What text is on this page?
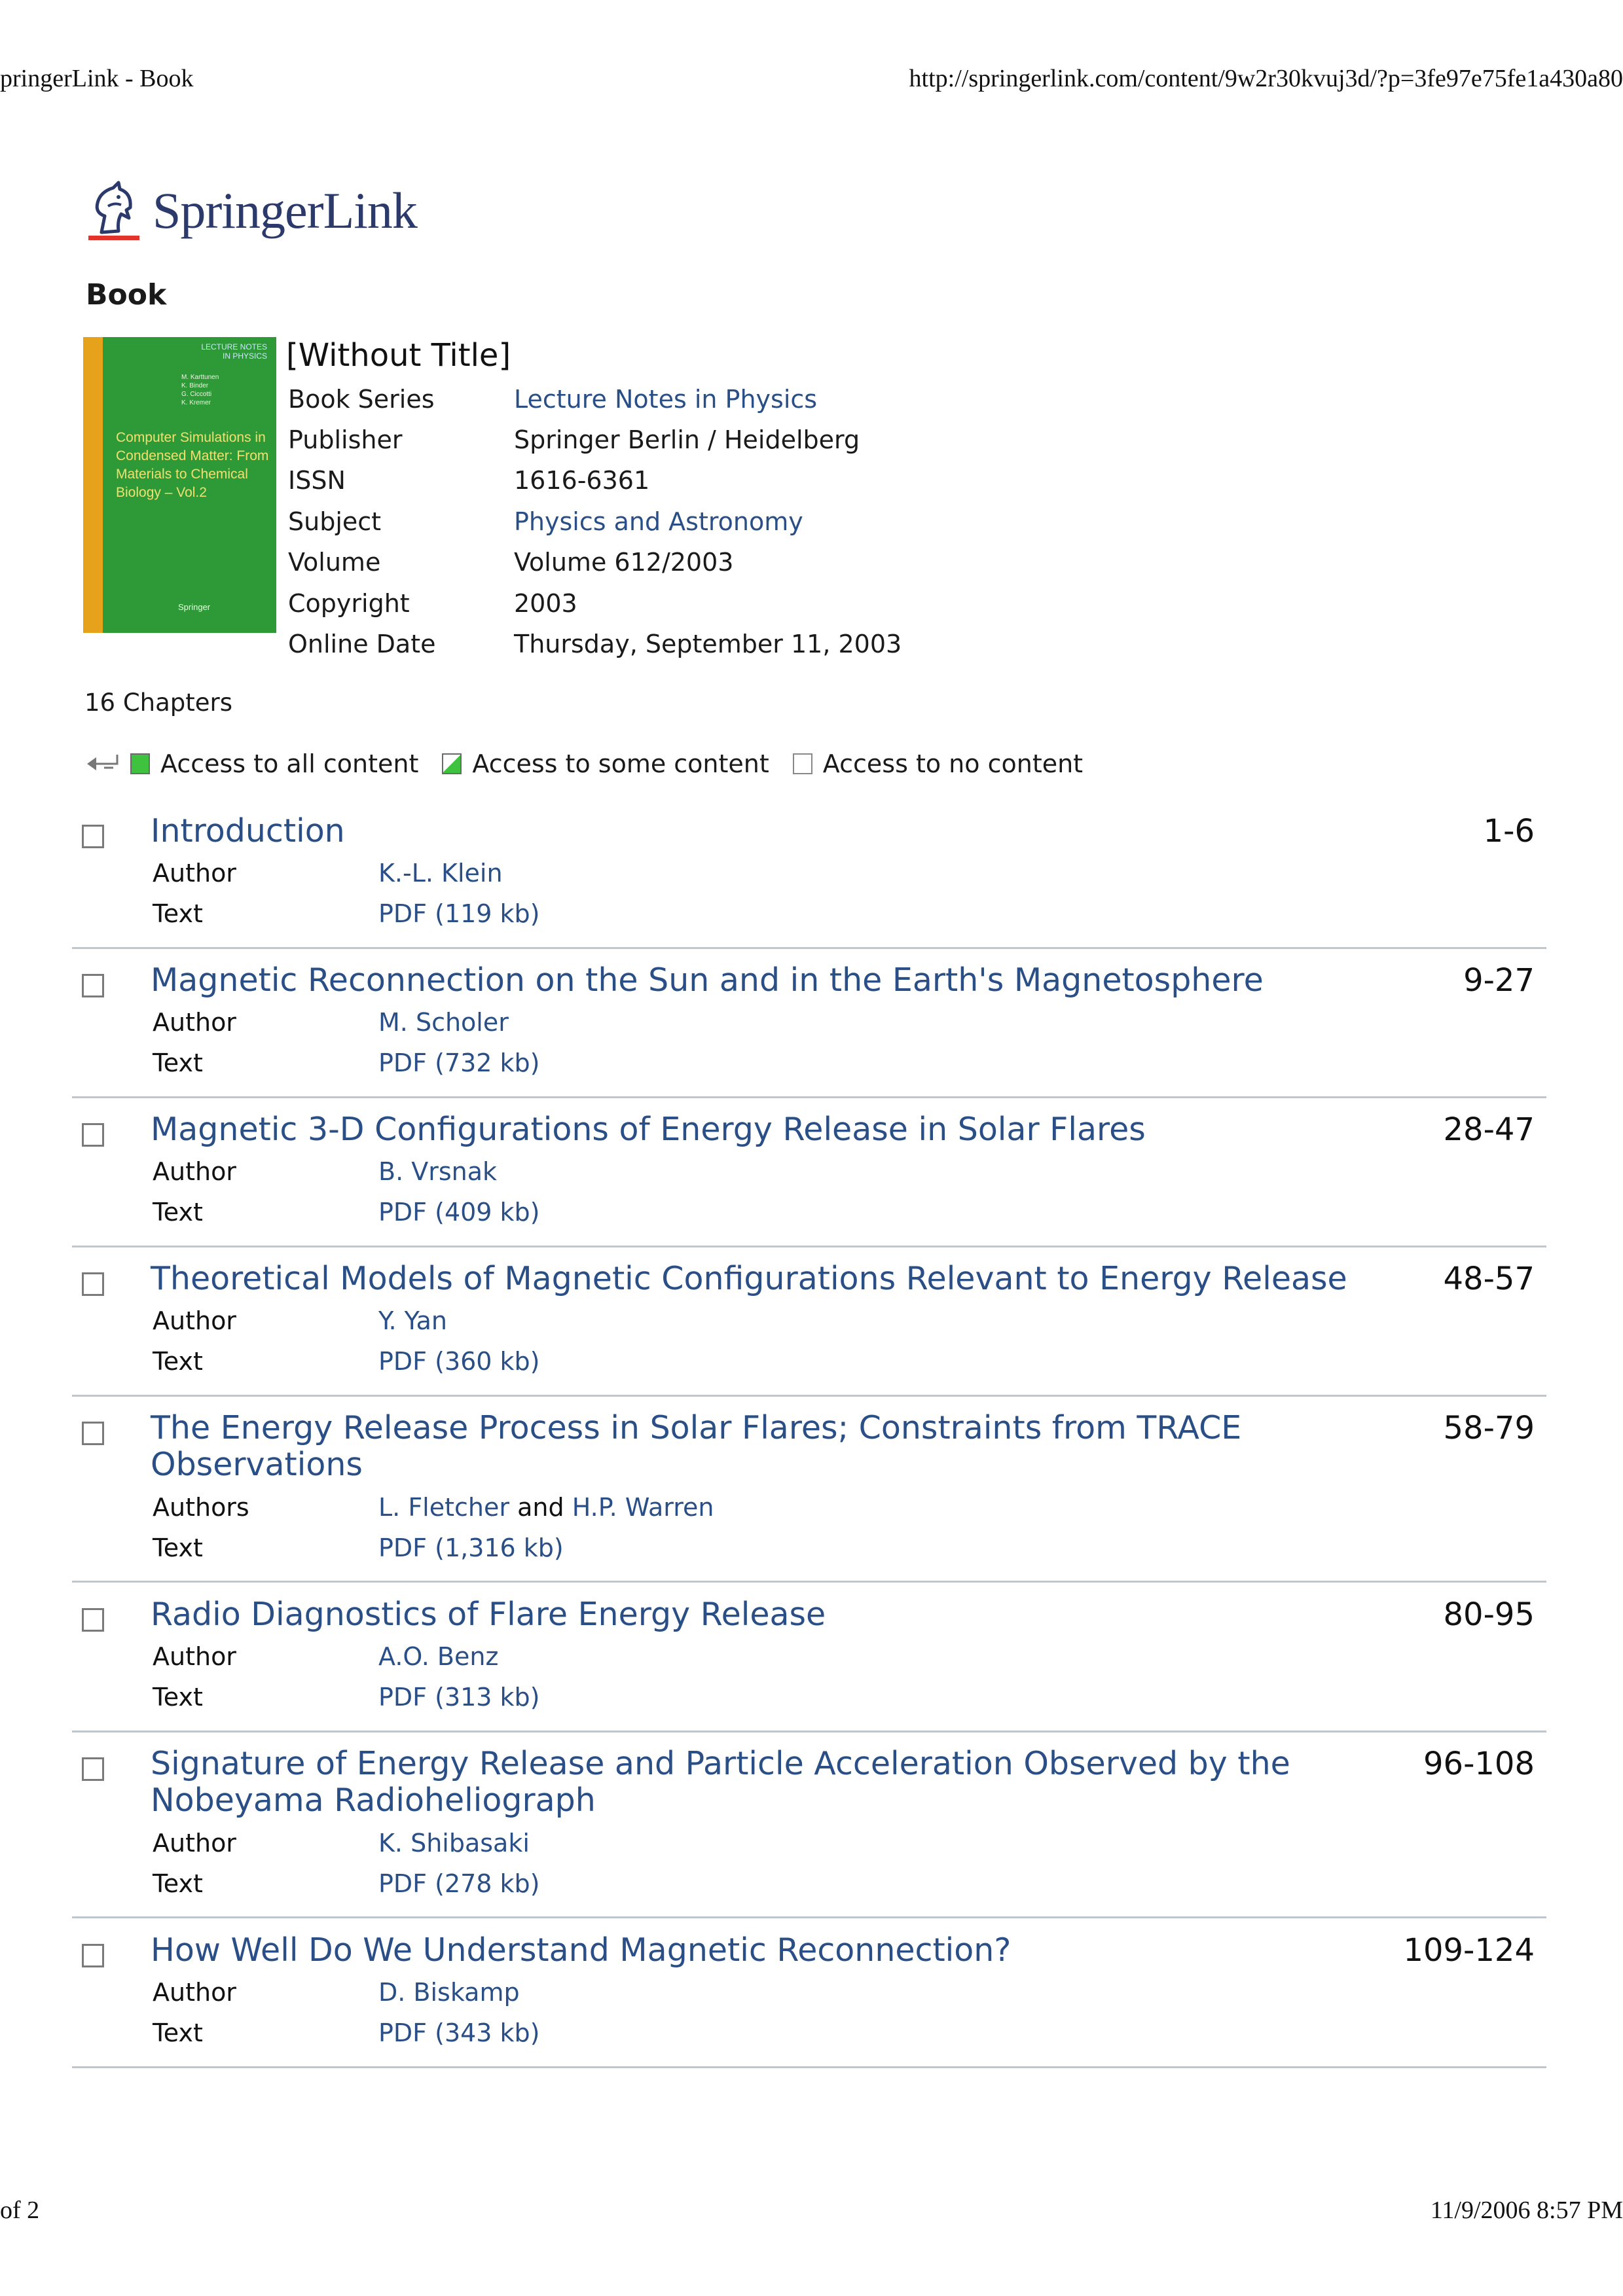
pringerLink - Book	http://springerlink.com/content/9w2r30kvuj3d/?p=3fe97e75fe1a430a80
SpringerLink
Book
LECTURE NOTES
IN PHYSICS
M. Karttunen
K. Binder
G. Ciccotti
K. Kremer
Computer Simulations in Condensed Matter: From Materials to Chemical Biology – Vol.2
Springer
[Without Title]
Book Series	Lecture Notes in Physics
Publisher	Springer Berlin / Heidelberg
ISSN	1616-6361
Subject	Physics and Astronomy
Volume	Volume 612/2003
Copyright	2003
Online Date	Thursday, September 11, 2003
16 Chapters
Access to all content Access to some content Access to no content
Introduction	1-6
Author	K.-L. Klein
Text	PDF (119 kb)
Magnetic Reconnection on the Sun and in the Earth's Magnetosphere	9-27
Author	M. Scholer
Text	PDF (732 kb)
Magnetic 3-D Configurations of Energy Release in Solar Flares	28-47
Author	B. Vrsnak
Text	PDF (409 kb)
Theoretical Models of Magnetic Configurations Relevant to Energy Release	48-57
Author	Y. Yan
Text	PDF (360 kb)
The Energy Release Process in Solar Flares; Constraints from TRACE Observations
58-79
Authors	L. Fletcher and H.P. Warren
Text	PDF (1,316 kb)
Radio Diagnostics of Flare Energy Release	80-95
Author	A.O. Benz
Text	PDF (313 kb)
Signature of Energy Release and Particle Acceleration Observed by the Nobeyama Radioheliograph
96-108
Author	K. Shibasaki
Text	PDF (278 kb)
How Well Do We Understand Magnetic Reconnection?	109-124
Author	D. Biskamp
Text	PDF (343 kb)
of 2	11/9/2006 8:57 PM
